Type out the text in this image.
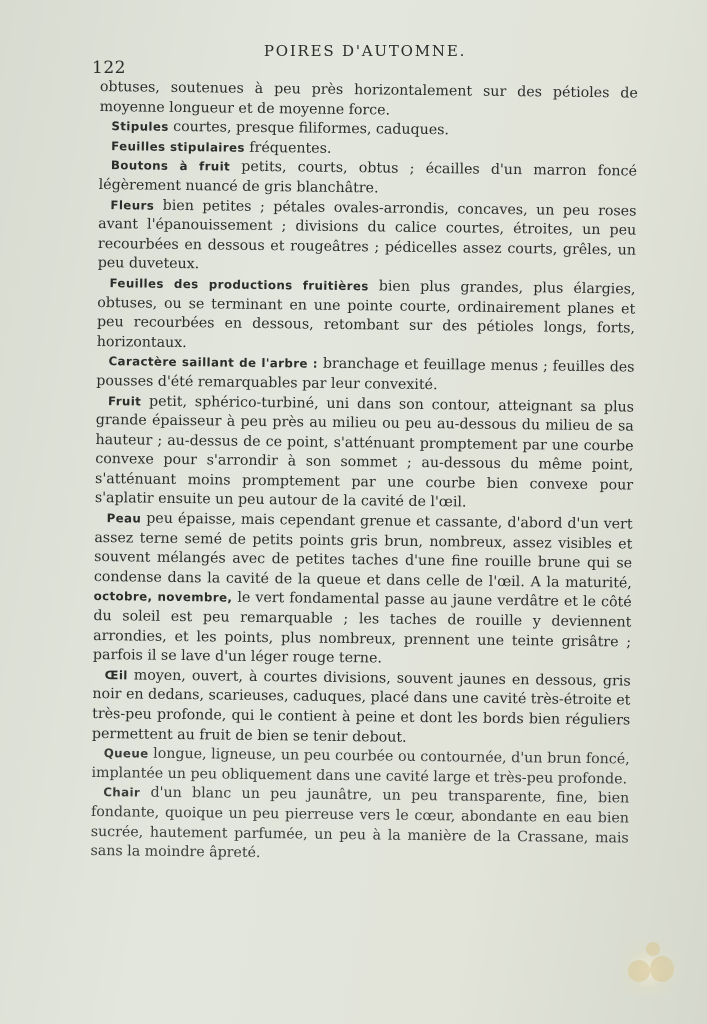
POIRES D'AUTOMNE.
122

obtuses, soutenues à peu près horizontalement sur des pétioles de moyenne longueur et de moyenne force.

Stipules courtes, presque filiformes, caduques.

Feuilles stipulaires fréquentes.

Boutons à fruit petits, courts, obtus ; écailles d'un marron foncé légèrement nuancé de gris blanchâtre.

Fleurs bien petites ; pétales ovales-arrondis, concaves, un peu roses avant l'épanouissement ; divisions du calice courtes, étroites, un peu recourbées en dessous et rougeâtres ; pédicelles assez courts, grêles, un peu duveteux.

Feuilles des productions fruitières bien plus grandes, plus élargies, obtuses, ou se terminant en une pointe courte, ordinairement planes et peu recourbées en dessous, retombant sur des pétioles longs, forts, horizontaux.

Caractère saillant de l'arbre : branchage et feuillage menus ; feuilles des pousses d'été remarquables par leur convexité.

Fruit petit, sphérico-turbiné, uni dans son contour, atteignant sa plus grande épaisseur à peu près au milieu ou peu au-dessous du milieu de sa hauteur ; au-dessus de ce point, s'atténuant promptement par une courbe convexe pour s'arrondir à son sommet ; au-dessous du même point, s'atténuant moins promptement par une courbe bien convexe pour s'aplatir ensuite un peu autour de la cavité de l'œil.

Peau peu épaisse, mais cependant grenue et cassante, d'abord d'un vert assez terne semé de petits points gris brun, nombreux, assez visibles et souvent mélangés avec de petites taches d'une fine rouille brune qui se condense dans la cavité de la queue et dans celle de l'œil. A la maturité, octobre, novembre, le vert fondamental passe au jaune verdâtre et le côté du soleil est peu remarquable ; les taches de rouille y deviennent arrondies, et les points, plus nombreux, prennent une teinte grisâtre ; parfois il se lave d'un léger rouge terne.

Œil moyen, ouvert, à courtes divisions, souvent jaunes en dessous, gris noir en dedans, scarieuses, caduques, placé dans une cavité très-étroite et très-peu profonde, qui le contient à peine et dont les bords bien réguliers permettent au fruit de bien se tenir debout.

Queue longue, ligneuse, un peu courbée ou contournée, d'un brun foncé, implantée un peu obliquement dans une cavité large et très-peu profonde.

Chair d'un blanc un peu jaunâtre, un peu transparente, fine, bien fondante, quoique un peu pierreuse vers le cœur, abondante en eau bien sucrée, hautement parfumée, un peu à la manière de la Crassane, mais sans la moindre âpreté.
